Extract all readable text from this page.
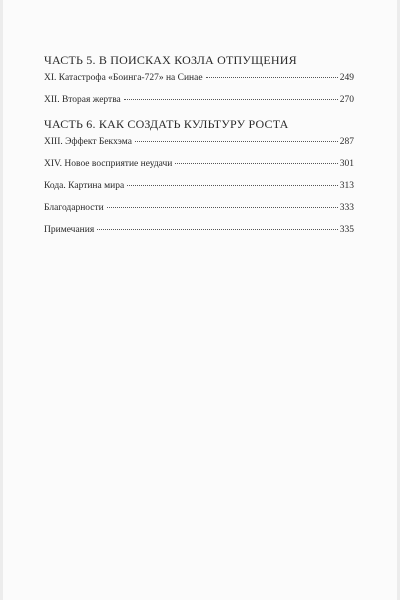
ЧАСТЬ 5. В ПОИСКАХ КОЗЛА ОТПУЩЕНИЯ
XI. Катастрофа «Боинга-727» на Синае	249
XII. Вторая жертва	270
ЧАСТЬ 6. КАК СОЗДАТЬ КУЛЬТУРУ РОСТА
XIII. Эффект Бекхэма	287
XIV. Новое восприятие неудачи	301
Кода. Картина мира	313
Благодарности	333
Примечания	335
